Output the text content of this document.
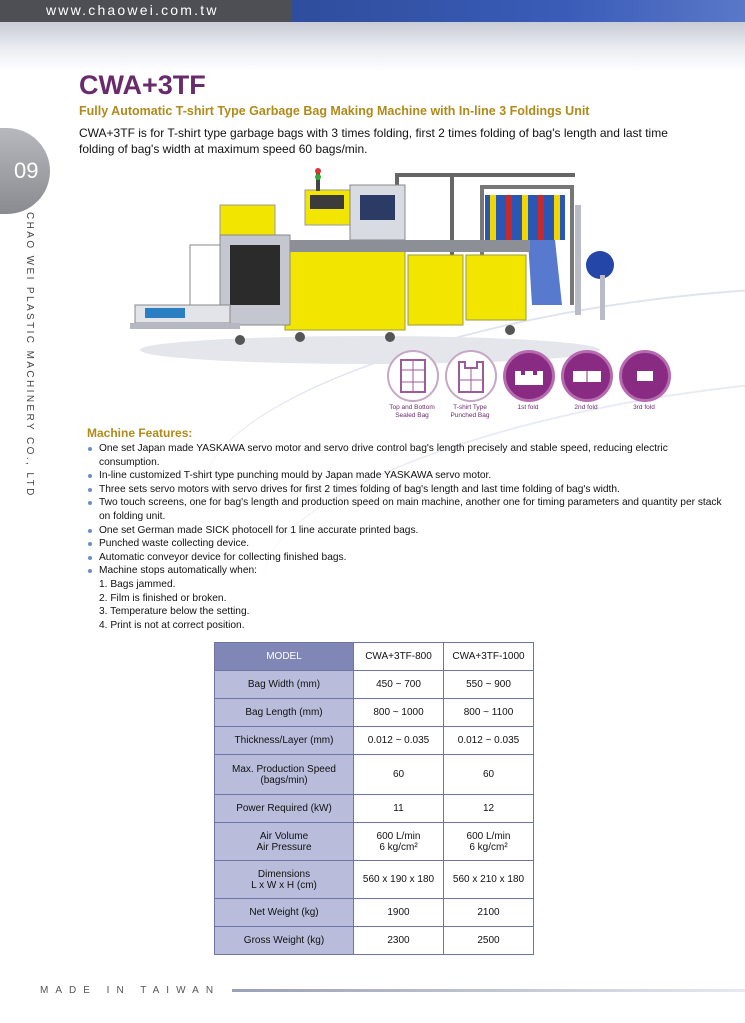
www.chaowei.com.tw
09
CHAO WEI PLASTIC MACHINERY CO., LTD
CWA+3TF
Fully Automatic T-shirt Type Garbage Bag Making Machine with In-line 3 Foldings Unit
CWA+3TF is for T-shirt type garbage bags with 3 times folding, first 2 times folding of bag's length and last time folding of bag's width at maximum speed 60 bags/min.
Top and Bottom
Sealed Bag
T-shirt Type
Punched Bag
1st fold	2nd fold	3rd fold
Machine Features:
One set Japan made YASKAWA servo motor and servo drive control bag's length precisely and stable speed, reducing electric consumption.
In-line customized T-shirt type punching mould by Japan made YASKAWA servo motor.
Three sets servo motors with servo drives for first 2 times folding of bag's length and last time folding of bag's width.
Two touch screens, one for bag's length and production speed on main machine, another one for timing parameters and quantity per stack on folding unit.
One set German made SICK photocell for 1 line accurate printed bags.
Punched waste collecting device.
Automatic conveyor device for collecting finished bags.
Machine stops automatically when:
1. Bags jammed.
2. Film is finished or broken.
3. Temperature below the setting.
4. Print is not at correct position.
MODEL	CWA+3TF-800	CWA+3TF-1000
Bag Width (mm)	450 ~ 700	550 ~ 900
Bag Length (mm)	800 ~ 1000	800 ~ 1100
Thickness/Layer (mm)	0.012 ~ 0.035	0.012 ~ 0.035
Max. Production Speed
(bags/min)	60	60
Power Required (kW)	11	12
Air Volume
Air Pressure	600 L/min
6 kg/cm²	600 L/min
6 kg/cm²
Dimensions
L x W x H (cm)	560 x 190 x 180	560 x 210 x 180
Net Weight (kg)	1900	2100
Gross Weight (kg)	2300	2500
MADE IN TAIWAN
